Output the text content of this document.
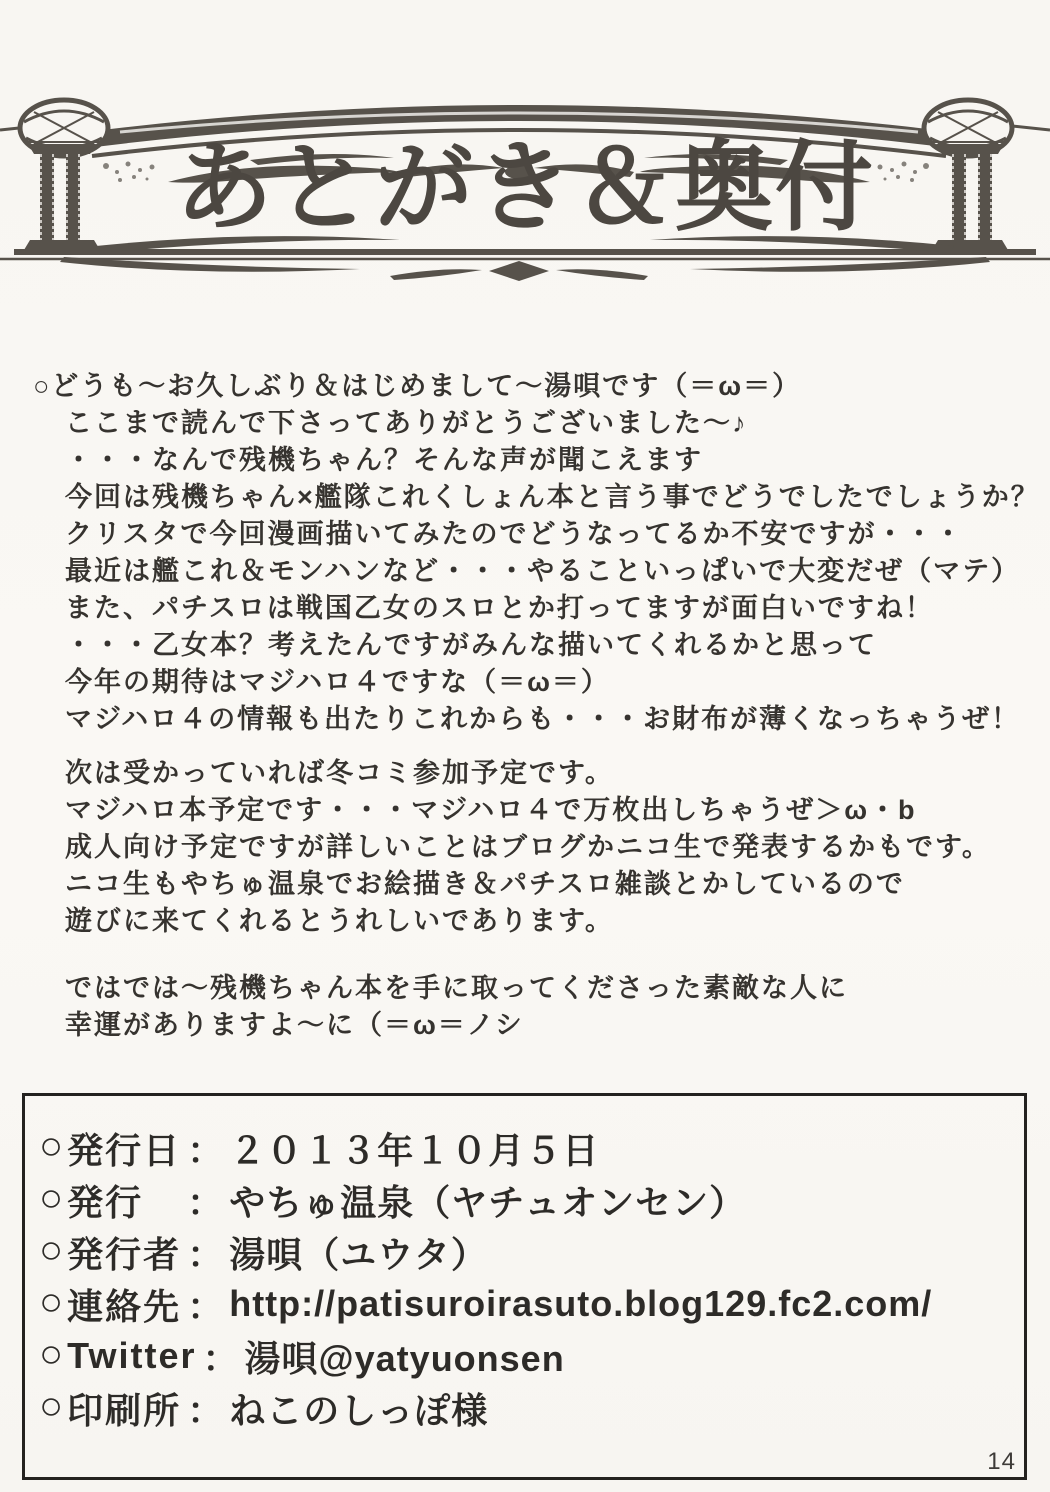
あとがき＆奥付
○どうも〜お久しぶり＆はじめまして〜湯唄です（＝ω＝）
ここまで読んで下さってありがとうございました〜♪
・・・なんで残機ちゃん？そんな声が聞こえます
今回は残機ちゃん×艦隊これくしょん本と言う事でどうでしたでしょうか？
クリスタで今回漫画描いてみたのでどうなってるか不安ですが・・・
最近は艦これ＆モンハンなど・・・やることいっぱいで大変だぜ（マテ）
また、パチスロは戦国乙女のスロとか打ってますが面白いですね！
・・・乙女本？考えたんですがみんな描いてくれるかと思って
今年の期待はマジハロ４ですな（＝ω＝）
マジハロ４の情報も出たりこれからも・・・お財布が薄くなっちゃうぜ！
次は受かっていれば冬コミ参加予定です。
マジハロ本予定です・・・マジハロ４で万枚出しちゃうぜ＞ω・b
成人向け予定ですが詳しいことはブログかニコ生で発表するかもです。
ニコ生もやちゅ温泉でお絵描き＆パチスロ雑談とかしているので
遊びに来てくれるとうれしいであります。
ではでは〜残機ちゃん本を手に取ってくださった素敵な人に
幸運がありますよ〜に（＝ω＝ノシ
○ 発行日 ： ２０１３年１０月５日
○ 発行	： やちゅ温泉（ヤチュオンセン）
○ 発行者 ： 湯唄（ユウタ）
○ 連絡先 ： http://patisuroirasuto.blog129.fc2.com/
○ Twitter ： 湯唄@yatyuonsen
○ 印刷所 ： ねこのしっぽ様
14
